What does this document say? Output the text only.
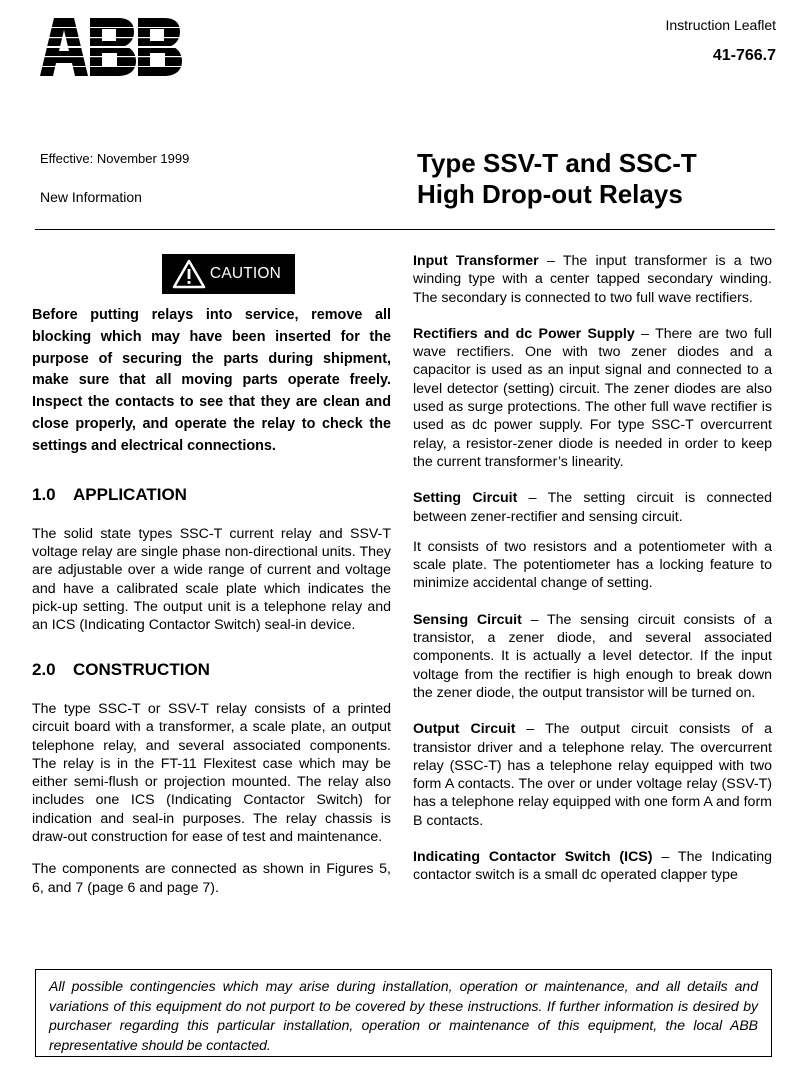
Instruction Leaflet
41-766.7
Effective: November 1999
New Information
Type SSV-T and SSC-T
High Drop-out Relays
CAUTION

Before putting relays into service, remove all blocking which may have been inserted for the purpose of securing the parts during shipment, make sure that all moving parts operate freely. Inspect the contacts to see that they are clean and close properly, and operate the relay to check the settings and electrical connections.

1.0	APPLICATION

The solid state types SSC-T current relay and SSV-T voltage relay are single phase non-directional units. They are adjustable over a wide range of current and voltage and have a calibrated scale plate which indicates the pick-up setting. The output unit is a telephone relay and an ICS (Indicating Contactor Switch) seal-in device.

2.0	CONSTRUCTION

The type SSC-T or SSV-T relay consists of a printed circuit board with a transformer, a scale plate, an output telephone relay, and several associated components. The relay is in the FT-11 Flexitest case which may be either semi-flush or projection mounted. The relay also includes one ICS (Indicating Contactor Switch) for indication and seal-in purposes. The relay chassis is draw-out construction for ease of test and maintenance.

The components are connected as shown in Figures 5, 6, and 7 (page 6 and page 7).

Input Transformer – The input transformer is a two winding type with a center tapped secondary winding. The secondary is connected to two full wave rectifiers.

Rectifiers and dc Power Supply – There are two full wave rectifiers. One with two zener diodes and a capacitor is used as an input signal and connected to a level detector (setting) circuit. The zener diodes are also used as surge protections. The other full wave rectifier is used as dc power supply. For type SSC-T overcurrent relay, a resistor-zener diode is needed in order to keep the current transformer’s linearity.

Setting Circuit – The setting circuit is connected between zener-rectifier and sensing circuit.

It consists of two resistors and a potentiometer with a scale plate. The potentiometer has a locking feature to minimize accidental change of setting.

Sensing Circuit – The sensing circuit consists of a transistor, a zener diode, and several associated components. It is actually a level detector. If the input voltage from the rectifier is high enough to break down the zener diode, the output transistor will be turned on.

Output Circuit – The output circuit consists of a transistor driver and a telephone relay. The overcurrent relay (SSC-T) has a telephone relay equipped with two form A contacts. The over or under voltage relay (SSV-T) has a telephone relay equipped with one form A and form B contacts.

Indicating Contactor Switch (ICS) – The Indicating contactor switch is a small dc operated clapper type

All possible contingencies which may arise during installation, operation or maintenance, and all details and variations of this equipment do not purport to be covered by these instructions. If further information is desired by purchaser regarding this particular installation, operation or maintenance of this equipment, the local ABB representative should be contacted.
